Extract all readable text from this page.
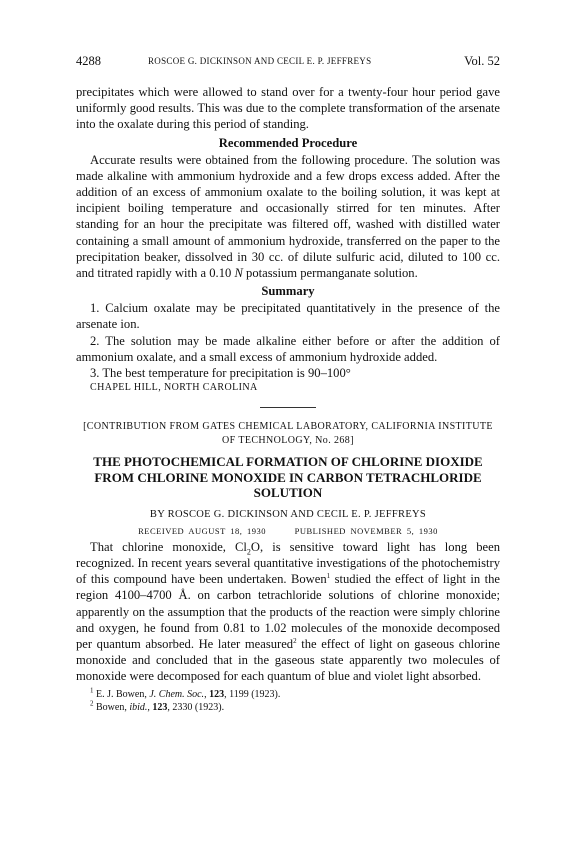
4288	ROSCOE G. DICKINSON AND CECIL E. P. JEFFREYS	Vol. 52

precipitates which were allowed to stand over for a twenty-four hour period gave uniformly good results. This was due to the complete transformation of the arsenate into the oxalate during this period of standing.

Recommended Procedure

Accurate results were obtained from the following procedure. The solution was made alkaline with ammonium hydroxide and a few drops excess added. After the addition of an excess of ammonium oxalate to the boiling solution, it was kept at incipient boiling temperature and occasionally stirred for ten minutes. After standing for an hour the precipitate was filtered off, washed with distilled water containing a small amount of ammonium hydroxide, transferred on the paper to the precipitation beaker, dissolved in 30 cc. of dilute sulfuric acid, diluted to 100 cc. and titrated rapidly with a 0.10 N potassium permanganate solution.

Summary

1. Calcium oxalate may be precipitated quantitatively in the presence of the arsenate ion.

2. The solution may be made alkaline either before or after the addition of ammonium oxalate, and a small excess of ammonium hydroxide added.

3. The best temperature for precipitation is 90–100°

CHAPEL HILL, NORTH CAROLINA
[CONTRIBUTION FROM GATES CHEMICAL LABORATORY, CALIFORNIA INSTITUTE OF TECHNOLOGY, No. 268]
THE PHOTOCHEMICAL FORMATION OF CHLORINE DIOXIDE
FROM CHLORINE MONOXIDE IN CARBON TETRACHLORIDE
SOLUTION
BY ROSCOE G. DICKINSON AND CECIL E. P. JEFFREYS
RECEIVED AUGUST 18, 1930	PUBLISHED NOVEMBER 5, 1930

That chlorine monoxide, $Cl_2O$, is sensitive toward light has long been recognized. In recent years several quantitative investigations of the photochemistry of this compound have been undertaken. Bowen$^1$ studied the effect of light in the region 4100–4700 Å. on carbon tetrachloride solutions of chlorine monoxide; apparently on the assumption that the products of the reaction were simply chlorine and oxygen, he found from 0.81 to 1.02 molecules of the monoxide decomposed per quantum absorbed. He later measured$^2$ the effect of light on gaseous chlorine monoxide and concluded that in the gaseous state apparently two molecules of monoxide were decomposed for each quantum of blue and violet light absorbed.

$^1$ E. J. Bowen, J. Chem. Soc., 123, 1199 (1923).
$^2$ Bowen, ibid., 123, 2330 (1923).
